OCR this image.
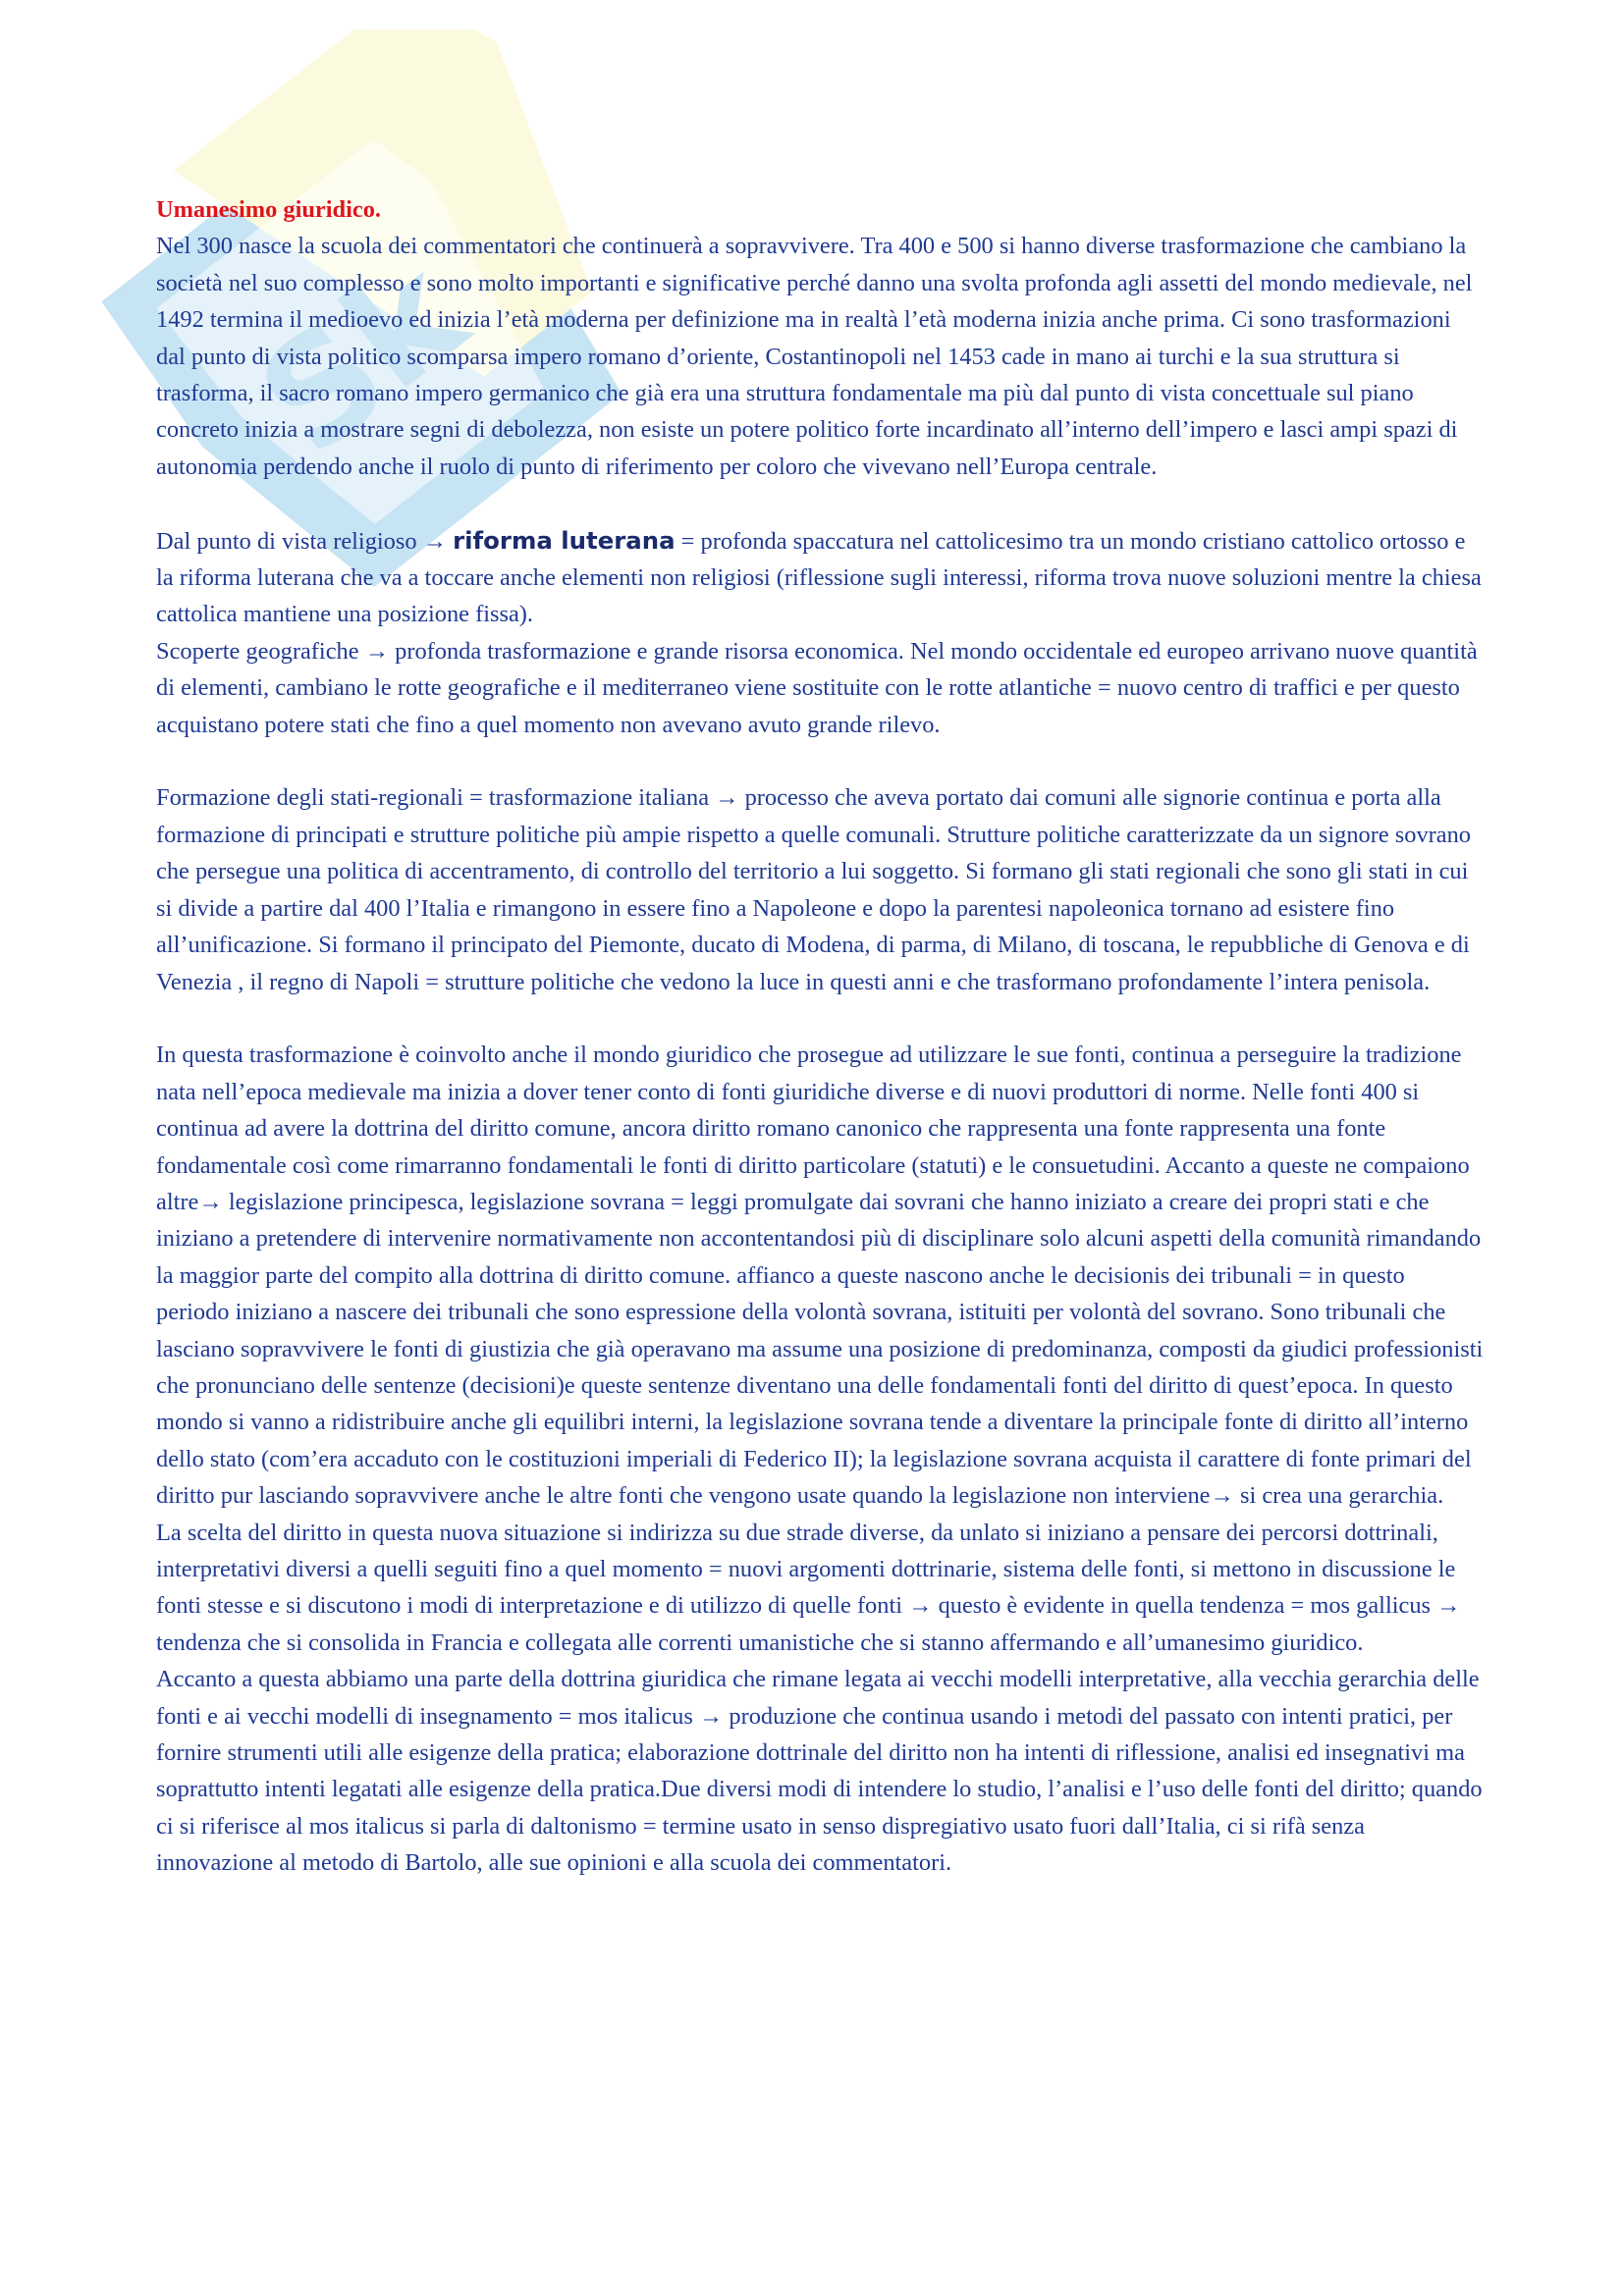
Sk

Umanesimo giuridico.

Nel 300 nasce la scuola dei commentatori che continuerà a sopravvivere. Tra 400 e 500 si hanno diverse trasformazione che cambiano la società nel suo complesso e sono molto importanti e significative perché danno una svolta profonda agli assetti del mondo medievale, nel 1492 termina il medioevo ed inizia l’età moderna per definizione ma in realtà l’età moderna inizia anche prima. Ci sono trasformazioni dal punto di vista politico scomparsa impero romano d’oriente, Costantinopoli nel 1453 cade in mano ai turchi e la sua struttura si trasforma, il sacro romano impero germanico che già era una struttura fondamentale ma più dal punto di vista concettuale sul piano concreto inizia a mostrare segni di debolezza, non esiste un potere politico forte incardinato all’interno dell’impero e lasci ampi spazi di autonomia perdendo anche il ruolo di punto di riferimento per coloro che vivevano nell’Europa centrale.

Dal punto di vista religioso → riforma luterana = profonda spaccatura nel cattolicesimo tra un mondo cristiano cattolico ortosso e la riforma luterana che va a toccare anche elementi non religiosi (riflessione sugli interessi, riforma trova nuove soluzioni mentre la chiesa cattolica mantiene una posizione fissa).

Scoperte geografiche → profonda trasformazione e grande risorsa economica. Nel mondo occidentale ed europeo arrivano nuove quantità di elementi, cambiano le rotte geografiche e il mediterraneo viene sostituite con le rotte atlantiche = nuovo centro di traffici e per questo acquistano potere stati che fino a quel momento non avevano avuto grande rilevo.

Formazione degli stati-regionali = trasformazione italiana → processo che aveva portato dai comuni alle signorie continua e porta alla formazione di principati e strutture politiche più ampie rispetto a quelle comunali. Strutture politiche caratterizzate da un signore sovrano che persegue una politica di accentramento, di controllo del territorio a lui soggetto. Si formano gli stati regionali che sono gli stati in cui si divide a partire dal 400 l’Italia e rimangono in essere fino a Napoleone e dopo la parentesi napoleonica tornano ad esistere fino all’unificazione. Si formano il principato del Piemonte, ducato di Modena, di parma, di Milano, di toscana, le repubbliche di Genova e di Venezia , il regno di Napoli = strutture politiche che vedono la luce in questi anni e che trasformano profondamente l’intera penisola.

In questa trasformazione è coinvolto anche il mondo giuridico che prosegue ad utilizzare le sue fonti, continua a perseguire la tradizione nata nell’epoca medievale ma inizia a dover tener conto di fonti giuridiche diverse e di nuovi produttori di norme. Nelle fonti 400 si continua ad avere la dottrina del diritto comune, ancora diritto romano canonico che rappresenta una fonte rappresenta una fonte fondamentale così come rimarranno fondamentali le fonti di diritto particolare (statuti) e le consuetudini. Accanto a queste ne compaiono altre→ legislazione principesca, legislazione sovrana = leggi promulgate dai sovrani che hanno iniziato a creare dei propri stati e che iniziano a pretendere di intervenire normativamente non accontentandosi più di disciplinare solo alcuni aspetti della comunità rimandando la maggior parte del compito alla dottrina di diritto comune. affianco a queste nascono anche le decisionis dei tribunali = in questo periodo iniziano a nascere dei tribunali che sono espressione della volontà sovrana, istituiti per volontà del sovrano. Sono tribunali che lasciano sopravvivere le fonti di giustizia che già operavano ma assume una posizione di predominanza, composti da giudici professionisti che pronunciano delle sentenze (decisioni)e queste sentenze diventano una delle fondamentali fonti del diritto di quest’epoca. In questo mondo si vanno a ridistribuire anche gli equilibri interni, la legislazione sovrana tende a diventare la principale fonte di diritto all’interno dello stato (com’era accaduto con le costituzioni imperiali di Federico II); la legislazione sovrana acquista il carattere di fonte primari del diritto pur lasciando sopravvivere anche le altre fonti che vengono usate quando la legislazione non interviene→ si crea una gerarchia.

La scelta del diritto in questa nuova situazione si indirizza su due strade diverse, da unlato si iniziano a pensare dei percorsi dottrinali, interpretativi diversi a quelli seguiti fino a quel momento = nuovi argomenti dottrinarie, sistema delle fonti, si mettono in discussione le fonti stesse e si discutono i modi di interpretazione e di utilizzo di quelle fonti → questo è evidente in quella tendenza = mos gallicus → tendenza che si consolida in Francia e collegata alle correnti umanistiche che si stanno affermando e all’umanesimo giuridico.

Accanto a questa abbiamo una parte della dottrina giuridica che rimane legata ai vecchi modelli interpretative, alla vecchia gerarchia delle fonti e ai vecchi modelli di insegnamento = mos italicus → produzione che continua usando i metodi del passato con intenti pratici, per fornire strumenti utili alle esigenze della pratica; elaborazione dottrinale del diritto non ha intenti di riflessione, analisi ed insegnativi ma soprattutto intenti legatati alle esigenze della pratica.Due diversi modi di intendere lo studio, l’analisi e l’uso delle fonti del diritto; quando ci si riferisce al mos italicus si parla di daltonismo = termine usato in senso dispregiativo usato fuori dall’Italia, ci si rifà senza innovazione al metodo di Bartolo, alle sue opinioni e alla scuola dei commentatori.
